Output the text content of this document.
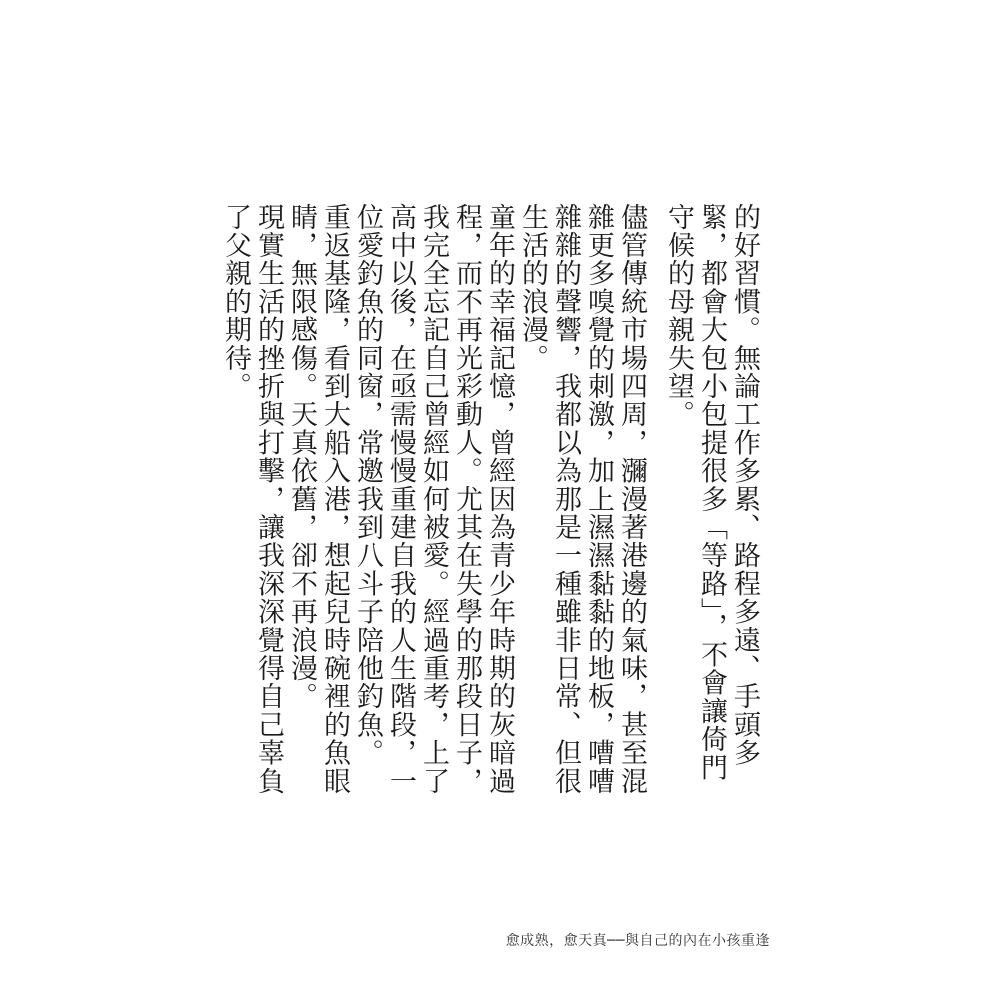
的好習慣。無論工作多累、路程多遠、手頭多緊，都會大包小包提很多「等路」，不會讓倚門守候的母親失望。

儘管傳統市場四周，瀰漫著港邊的氣味，甚至混雜更多嗅覺的刺激，加上濕濕黏黏的地板，嘈嘈雜雜的聲響，我都以為那是一種雖非日常、但很生活的浪漫。

童年的幸福記憶，曾經因為青少年時期的灰暗過程，而不再光彩動人。尤其在失學的那段日子，我完全忘記自己曾經如何被愛。經過重考，上了高中以後，在亟需慢慢重建自我的人生階段，一位愛釣魚的同窗，常邀我到八斗子陪他釣魚。

重返基隆，看到大船入港，想起兒時碗裡的魚眼睛，無限感傷。天真依舊，卻不再浪漫。

現實生活的挫折與打擊，讓我深深覺得自己辜負了父親的期待。

愈成熟，愈天真──與自己的內在小孩重逢
